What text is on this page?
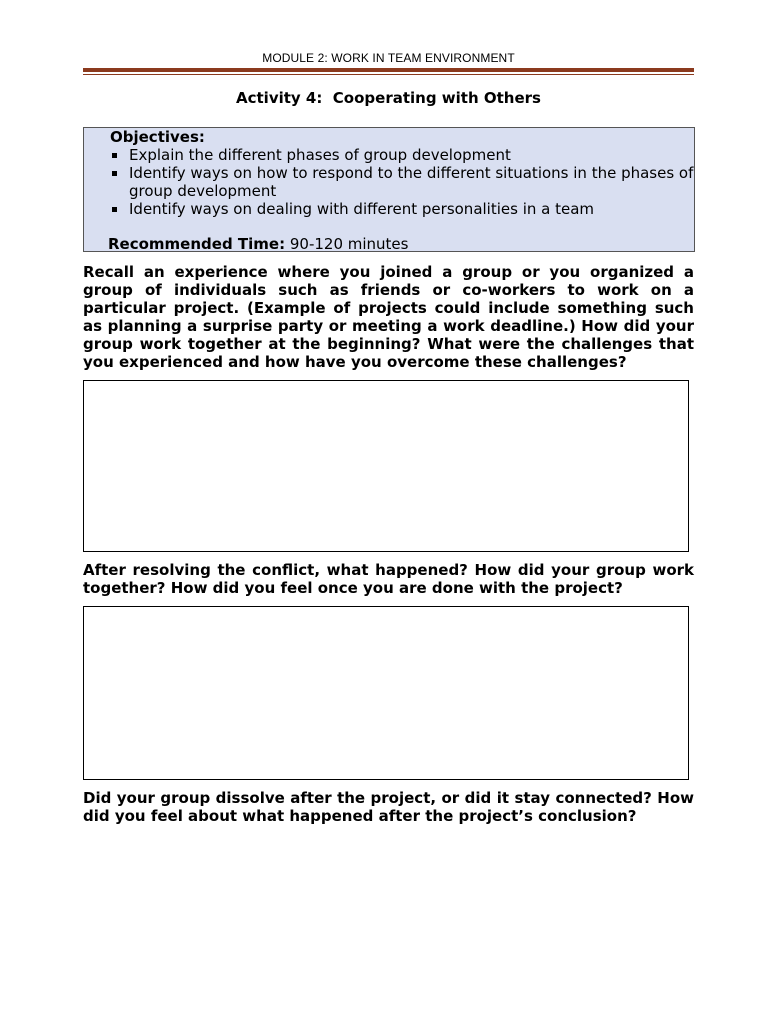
MODULE 2: WORK IN TEAM ENVIRONMENT
Activity 4:  Cooperating with Others
Objectives:
Explain the different phases of group development
Identify ways on how to respond to the different situations in the phases of group development
Identify ways on dealing with different personalities in a team
Recommended Time: 90-120 minutes
Recall an experience where you joined a group or you organized a group of individuals such as friends or co-workers to work on a particular project. (Example of projects could include something such as planning a surprise party or meeting a work deadline.) How did your group work together at the beginning? What were the challenges that you experienced and how have you overcome these challenges?
After resolving the conflict, what happened? How did your group work together? How did you feel once you are done with the project?
Did your group dissolve after the project, or did it stay connected? How did you feel about what happened after the project’s conclusion?
